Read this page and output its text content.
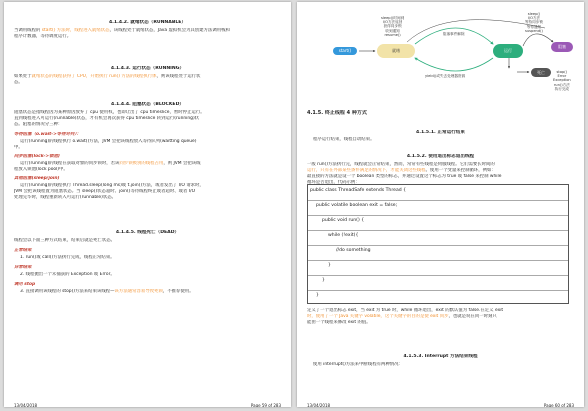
4.1.4.2. 就绪状态（RUNNABLE）
当调用线程的 start() 方法时，线程进入就绪状态，该线程处于就绪状态，Java 虚拟机会为其创建方法调用栈和
程序计数器，等待调度运行。
4.1.4.3. 运行状态（RUNNING）
如果处于就绪状态的线程获得了 CPU，开始执行 run() 方法的线程执行体，则该线程处于运行状
态。
4.1.4.4. 阻塞状态（BLOCKED）
阻塞状态是指线程因为某种原因放弃了 cpu 使用权，也即让出了 cpu timeslice，暂时停止运行。
直到线程进入可运行(runnable)状态，才有机会再次获得 cpu timeslice 转到运行(running)状
态。阻塞的情况分三种：
等待阻塞（o.wait->等待对列）：
运行(running)的线程执行 o.wait()方法，JVM 会把该线程放入等待队列(waitting queue)
中。
同步阻塞(lock->锁池)
运行(running)的线程在获取对象的同步锁时，若该同步锁被别的线程占用，则 JVM 会把该线
程放入锁池(lock pool)中。
其他阻塞(sleep/join)
运行(running)的线程执行 Thread.sleep(long ms)或 t.join()方法，或者发出了 I/O 请求时，
JVM 会把该线程置为阻塞状态。当 sleep()状态超时、join()等待线程终止或者超时、或者 I/O
处理完毕时，线程重新转入可运行(runnable)状态。
4.1.4.5. 线程死亡（DEAD）
线程会以下面三种方式结束，结束后就是死亡状态。
正常结束
1. run()或 call()方法执行完成，线程正常结束。
异常结束
2. 线程抛出一个未捕获的 Exception 或 Error。
调用 stop
3. 直接调用该线程的 stop()方法来结束该线程—该方法通常容易导致死锁，不推荐使用。
13/04/2018	Page 59 of 283
start()	就绪	运行
阻塞
死亡
sleep()时间到
I/O方法返回
获得同步锁
收到通知
resume()	阻塞事件解除
sleep()
I/O方法
等待同步锁
等待通知
suspend()
yield()或失去处理器资源
stop()
Error
Exception
run()方法
执行完成
4.1.5. 终止线程 4 种方式
4.1.5.1. 正常运行结束
程序运行结束，线程自动结束。
4.1.5.2. 使用退出标志退出线程
一般 run()方法执行完，线程就会正常结束，然而，常常有些线程是伺服线程。它们需要长时间的
运行，只有在外部某些条件满足的情况下，才能关闭这些线程。使用一个变量来控制循环，例如：
最直接的方法就是设一个 boolean 类型的标志，并通过设置这个标志为 true 或 false 来控制 while
循环是否退出，代码示例：
public class ThreadSafe extends Thread {
public volatile boolean exit = false;
public void run() {
while (!exit){
//do something
}
}
}
定义了一个退出标志 exit，当 exit 为 true 时，while 循环退出，exit 的默认值为 false.在定义 exit
时，使用了一个 Java 关键字 volatile，这个关键字的目的是使 exit 同步，也就是说在同一时刻只
能由一个线程来修改 exit 的值。
4.1.5.3. Interrupt 方法结束线程
使用 interrupt()方法来中断线程有两种情况：
13/04/2018	Page 60 of 283
